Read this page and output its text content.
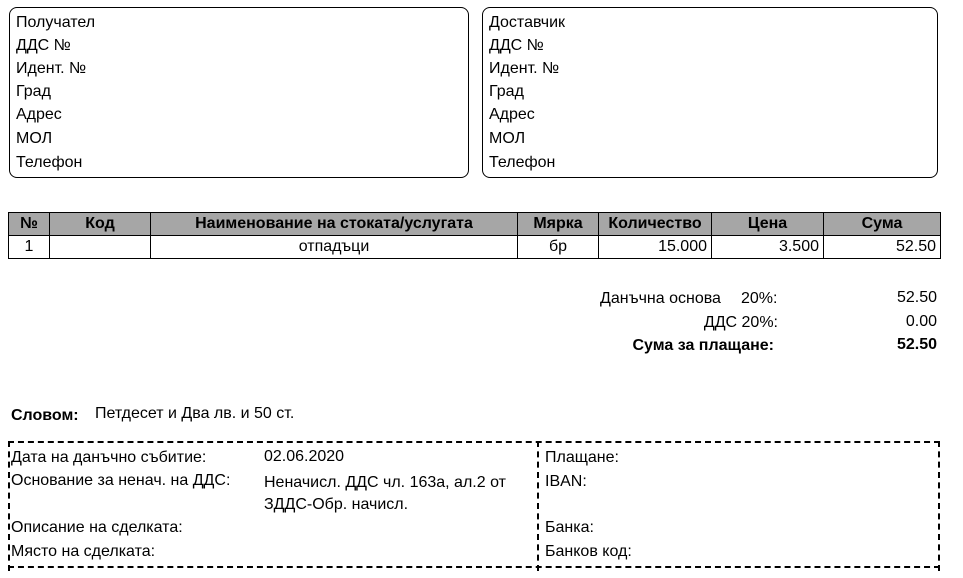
Получател
ДДС №
Идент. №
Град
Адрес
МОЛ
Телефон
Доставчик
ДДС №
Идент. №
Град
Адрес
МОЛ
Телефон
№	Код	Наименование на стоката/услугата	Мярка	Количество	Цена	Сума
1		отпадъци	бр	15.000	3.500	52.50
Данъчна основа 20%:	52.50
ДДС 20%:	0.00
Сума за плащане:	52.50
Словом: Петдесет и Два лв. и 50 ст.
Дата на данъчно събитие:	02.06.2020
Основание за ненач. на ДДС: Неначисл. ДДС чл. 163а, ал.2 от
ЗДДС-Обр. начисл.
Описание на сделката:
Място на сделката:
Плащане:
IBAN:
Банка:
Банков код:
